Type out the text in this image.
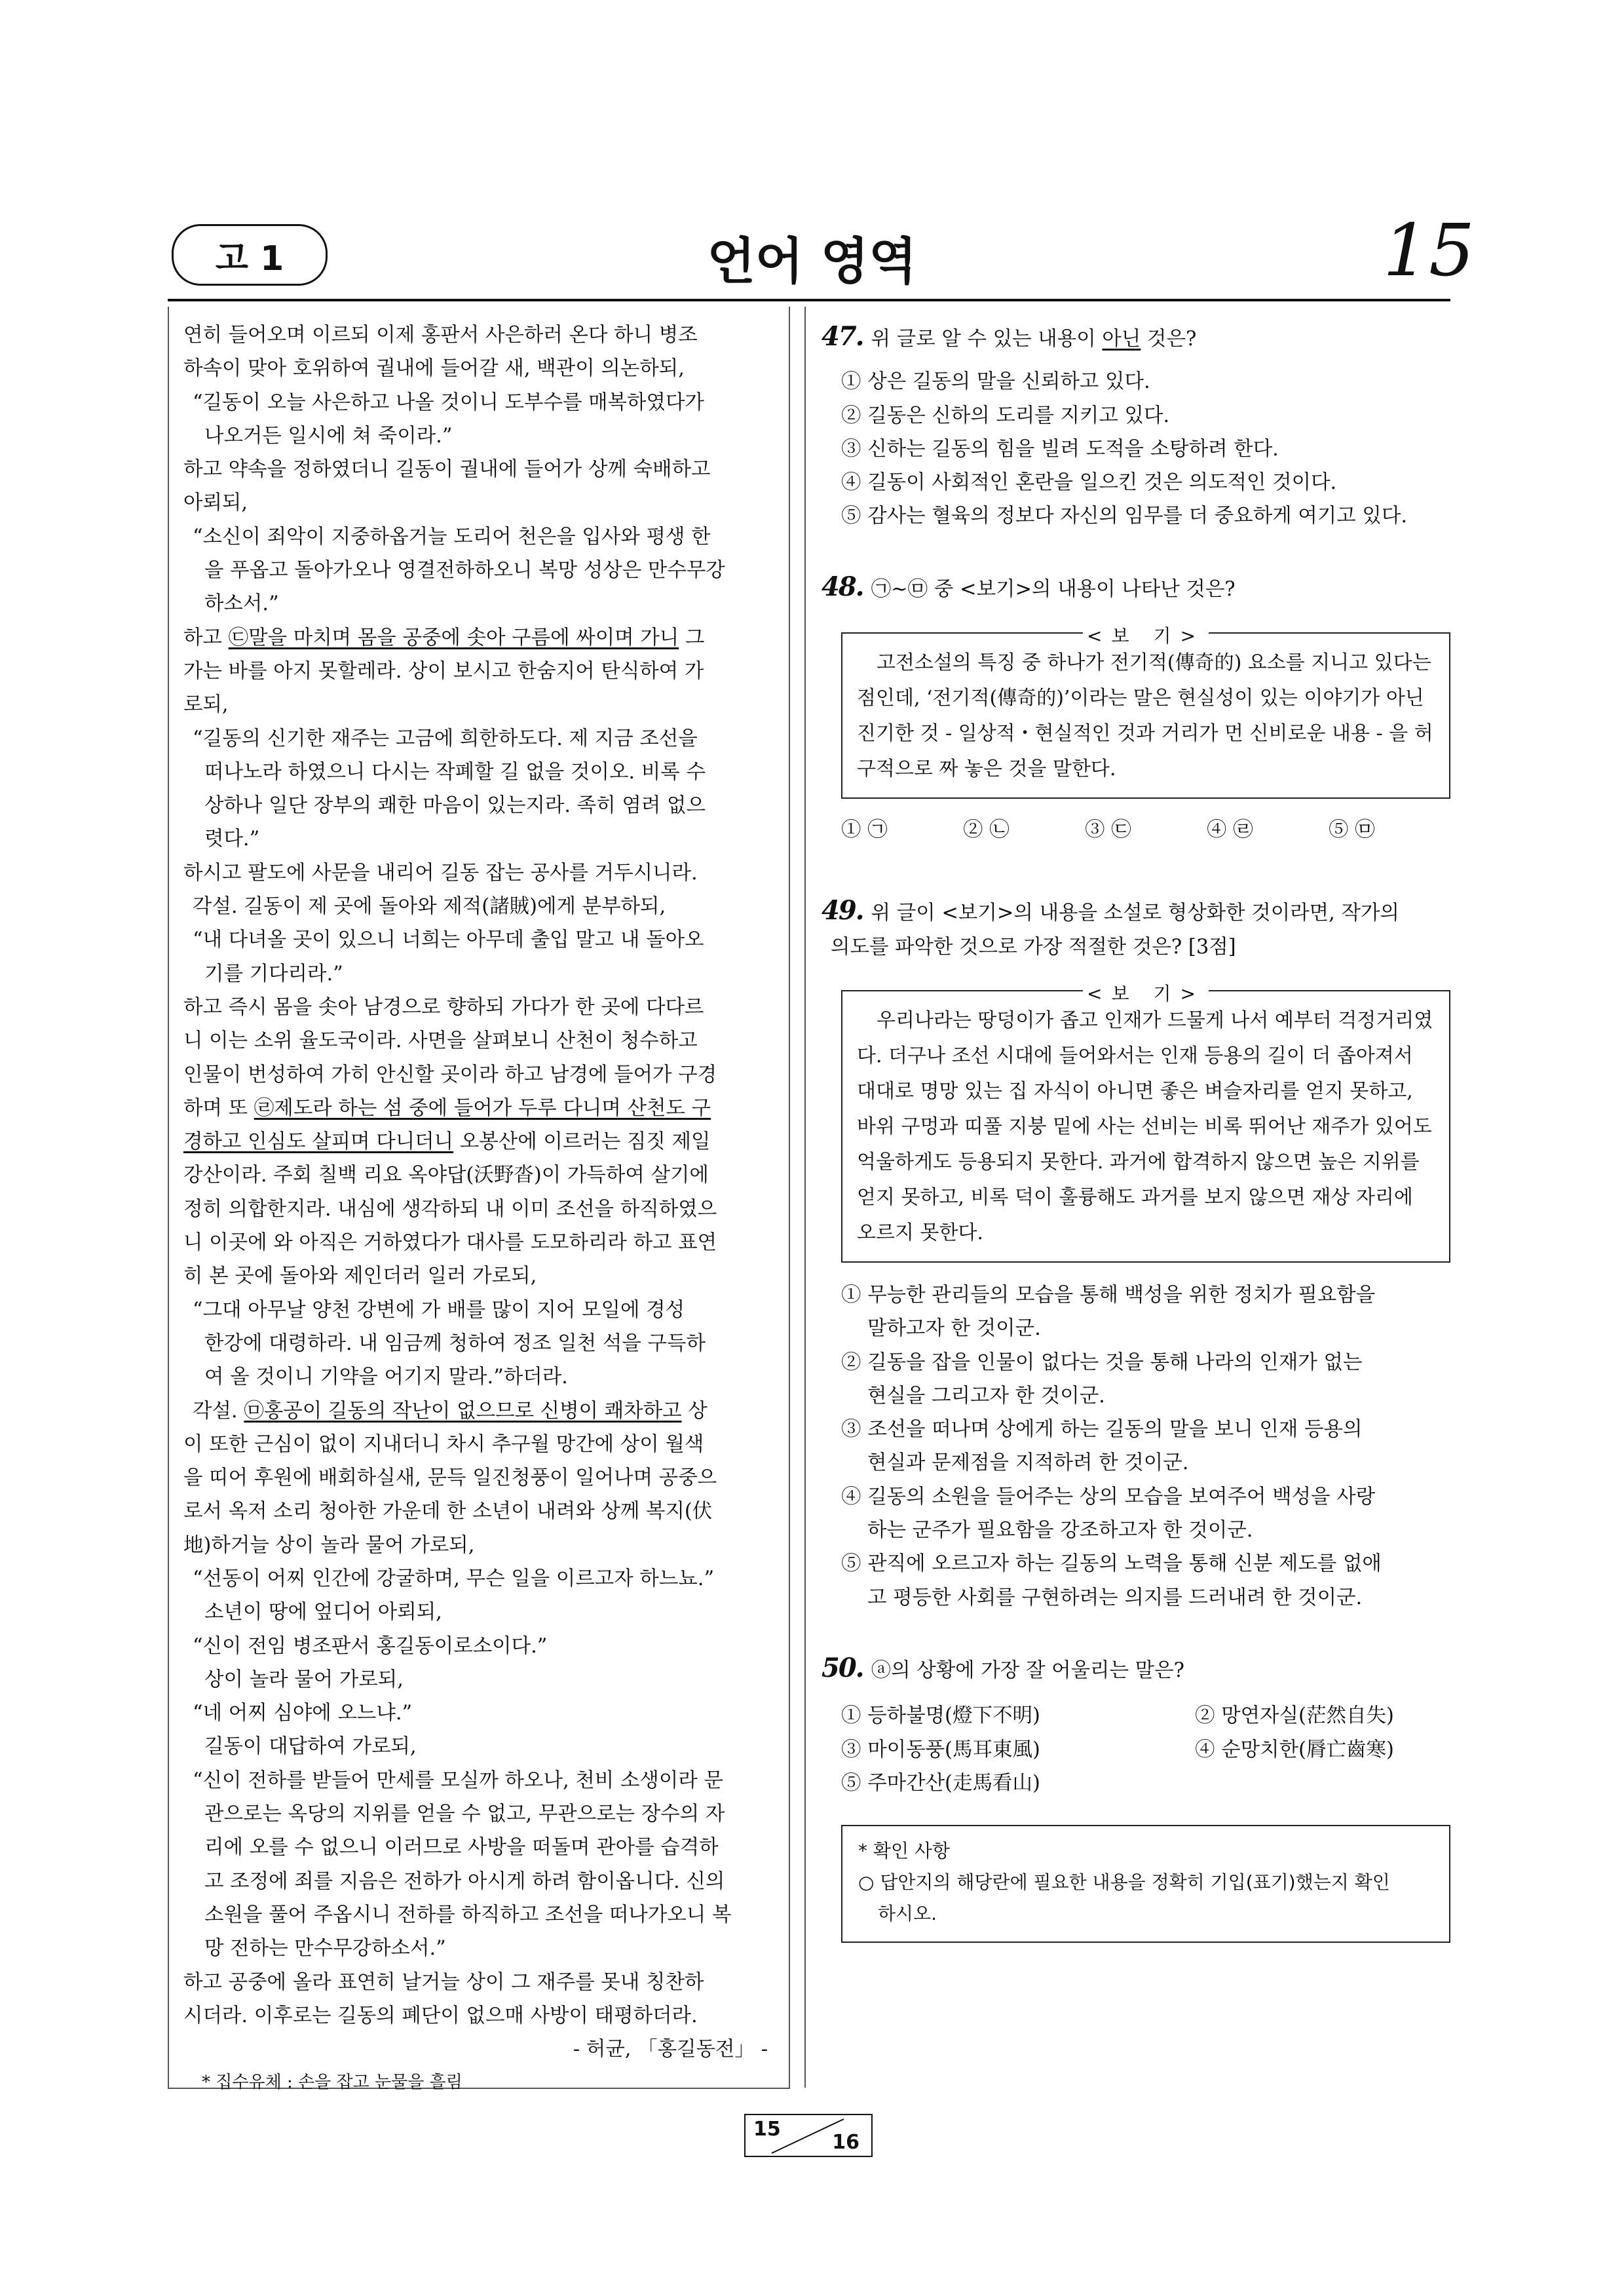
고 1	언어 영역	15
연히 들어오며 이르되 이제 홍판서 사은하러 온다 하니 병조
하속이 맞아 호위하여 궐내에 들어갈 새, 백관이 의논하되,
“길동이 오늘 사은하고 나올 것이니 도부수를 매복하였다가
나오거든 일시에 쳐 죽이라.”
하고 약속을 정하였더니 길동이 궐내에 들어가 상께 숙배하고
아뢰되,
“소신이 죄악이 지중하옵거늘 도리어 천은을 입사와 평생 한
을 푸옵고 돌아가오나 영결전하하오니 복망 성상은 만수무강
하소서.”
하고 ㉢말을 마치며 몸을 공중에 솟아 구름에 싸이며 가니 그
가는 바를 아지 못할레라. 상이 보시고 한숨지어 탄식하여 가
로되,
“길동의 신기한 재주는 고금에 희한하도다. 제 지금 조선을
떠나노라 하였으니 다시는 작폐할 길 없을 것이오. 비록 수
상하나 일단 장부의 쾌한 마음이 있는지라. 족히 염려 없으
렷다.”
하시고 팔도에 사문을 내리어 길동 잡는 공사를 거두시니라.
각설. 길동이 제 곳에 돌아와 제적(諸賊)에게 분부하되,
“내 다녀올 곳이 있으니 너희는 아무데 출입 말고 내 돌아오
기를 기다리라.”
하고 즉시 몸을 솟아 남경으로 향하되 가다가 한 곳에 다다르
니 이는 소위 율도국이라. 사면을 살펴보니 산천이 청수하고
인물이 번성하여 가히 안신할 곳이라 하고 남경에 들어가 구경
하며 또 ㉣제도라 하는 섬 중에 들어가 두루 다니며 산천도 구
경하고 인심도 살피며 다니더니 오봉산에 이르러는 짐짓 제일
강산이라. 주회 칠백 리요 옥야답(沃野沓)이 가득하여 살기에
정히 의합한지라. 내심에 생각하되 내 이미 조선을 하직하였으
니 이곳에 와 아직은 거하였다가 대사를 도모하리라 하고 표연
히 본 곳에 돌아와 제인더러 일러 가로되,
“그대 아무날 양천 강변에 가 배를 많이 지어 모일에 경성
한강에 대령하라. 내 임금께 청하여 정조 일천 석을 구득하
여 올 것이니 기약을 어기지 말라.”하더라.
각설. ㉤홍공이 길동의 작난이 없으므로 신병이 쾌차하고 상
이 또한 근심이 없이 지내더니 차시 추구월 망간에 상이 월색
을 띠어 후원에 배회하실새, 문득 일진청풍이 일어나며 공중으
로서 옥저 소리 청아한 가운데 한 소년이 내려와 상께 복지(伏
地)하거늘 상이 놀라 물어 가로되,
“선동이 어찌 인간에 강굴하며, 무슨 일을 이르고자 하느뇨.”
소년이 땅에 엎디어 아뢰되,
“신이 전임 병조판서 홍길동이로소이다.”
상이 놀라 물어 가로되,
“네 어찌 심야에 오느냐.”
길동이 대답하여 가로되,
“신이 전하를 받들어 만세를 모실까 하오나, 천비 소생이라 문
관으로는 옥당의 지위를 얻을 수 없고, 무관으로는 장수의 자
리에 오를 수 없으니 이러므로 사방을 떠돌며 관아를 습격하
고 조정에 죄를 지음은 전하가 아시게 하려 함이옵니다. 신의
소원을 풀어 주옵시니 전하를 하직하고 조선을 떠나가오니 복
망 전하는 만수무강하소서.”
하고 공중에 올라 표연히 날거늘 상이 그 재주를 못내 칭찬하
시더라. 이후로는 길동의 폐단이 없으매 사방이 태평하더라.
- 허균, 「홍길동전」 -
* 집수유체 : 손을 잡고 눈물을 흘림
47. 위 글로 알 수 있는 내용이 아닌 것은?
① 상은 길동의 말을 신뢰하고 있다.
② 길동은 신하의 도리를 지키고 있다.
③ 신하는 길동의 힘을 빌려 도적을 소탕하려 한다.
④ 길동이 사회적인 혼란을 일으킨 것은 의도적인 것이다.
⑤ 감사는 혈육의 정보다 자신의 임무를 더 중요하게 여기고 있다.
48. ㉠~㉤ 중 <보기>의 내용이 나타난 것은?
<보 기>

고전소설의 특징 중 하나가 전기적(傳奇的) 요소를 지니고 있다는 점인데, ‘전기적(傳奇的)’이라는 말은 현실성이 있는 이야기가 아닌 진기한 것 - 일상적・현실적인 것과 거리가 먼 신비로운 내용 - 을 허구적으로 짜 놓은 것을 말한다.

① ㉠	② ㉡	③ ㉢	④ ㉣	⑤ ㉤
49. 위 글이 <보기>의 내용을 소설로 형상화한 것이라면, 작가의
의도를 파악한 것으로 가장 적절한 것은? [3점]
<보 기>

우리나라는 땅덩이가 좁고 인재가 드물게 나서 예부터 걱정거리였다. 더구나 조선 시대에 들어와서는 인재 등용의 길이 더 좁아져서 대대로 명망 있는 집 자식이 아니면 좋은 벼슬자리를 얻지 못하고, 바위 구멍과 띠풀 지붕 밑에 사는 선비는 비록 뛰어난 재주가 있어도 억울하게도 등용되지 못한다. 과거에 합격하지 않으면 높은 지위를 얻지 못하고, 비록 덕이 훌륭해도 과거를 보지 않으면 재상 자리에 오르지 못한다.

① 무능한 관리들의 모습을 통해 백성을 위한 정치가 필요함을
말하고자 한 것이군.
② 길동을 잡을 인물이 없다는 것을 통해 나라의 인재가 없는
현실을 그리고자 한 것이군.
③ 조선을 떠나며 상에게 하는 길동의 말을 보니 인재 등용의
현실과 문제점을 지적하려 한 것이군.
④ 길동의 소원을 들어주는 상의 모습을 보여주어 백성을 사랑
하는 군주가 필요함을 강조하고자 한 것이군.
⑤ 관직에 오르고자 하는 길동의 노력을 통해 신분 제도를 없애
고 평등한 사회를 구현하려는 의지를 드러내려 한 것이군.
50. ⓐ의 상황에 가장 잘 어울리는 말은?
① 등하불명(燈下不明)	② 망연자실(茫然自失)
③ 마이동풍(馬耳東風)	④ 순망치한(脣亡齒寒)
⑤ 주마간산(走馬看山)
* 확인 사항
○ 답안지의 해당란에 필요한 내용을 정확히 기입(표기)했는지 확인
하시오.
15
16
